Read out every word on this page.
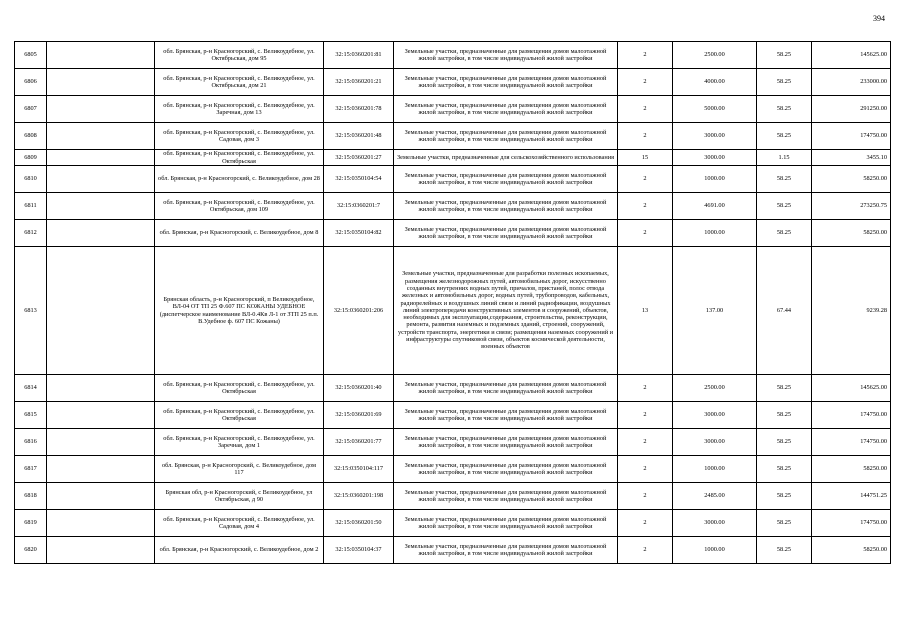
394
6805		обл. Брянская, р-н Красногорский, с. Великоудебное, ул. Октябрьская, дом 95	32:15:0360201:81	Земельные участки, предназначенные для размещения домов малоэтажной жилой застройки, в том числе индивидуальной жилой застройки	2	2500.00	58.25	145625.00
6806		обл. Брянская, р-н Красногорский, с. Великоудебное, ул. Октябрьская, дом 21	32:15:0360201:21	Земельные участки, предназначенные для размещения домов малоэтажной жилой застройки, в том числе индивидуальной жилой застройки	2	4000.00	58.25	233000.00
6807		обл. Брянская, р-н Красногорский, с. Великоудебное, ул. Заречная, дом 13	32:15:0360201:78	Земельные участки, предназначенные для размещения домов малоэтажной жилой застройки, в том числе индивидуальной жилой застройки	2	5000.00	58.25	291250.00
6808		обл. Брянская, р-н Красногорский, с. Великоудебное, ул. Садовая, дом 3	32:15:0360201:48	Земельные участки, предназначенные для размещения домов малоэтажной жилой застройки, в том числе индивидуальной жилой застройки	2	3000.00	58.25	174750.00
6809		обл. Брянская, р-н Красногорский, с. Великоудебное, ул. Октябрьская	32:15:0360201:27	Земельные участки, предназначенные для сельскохозяйственного использования	15	3000.00	1.15	3455.10
6810		обл. Брянская, р-н Красногорский, с. Великоудебное, дом 28	32:15:0350104:54	Земельные участки, предназначенные для размещения домов малоэтажной жилой застройки, в том числе индивидуальной жилой застройки	2	1000.00	58.25	58250.00
6811		обл. Брянская, р-н Красногорский, с. Великоудебное, ул. Октябрьская, дом 109	32:15:0360201:7	Земельные участки, предназначенные для размещения домов малоэтажной жилой застройки, в том числе индивидуальной жилой застройки	2	4691.00	58.25	273250.75
6812		обл. Брянская, р-н Красногорский, с. Великоудебное, дом 8	32:15:0350104:82	Земельные участки, предназначенные для размещения домов малоэтажной жилой застройки, в том числе индивидуальной жилой застройки	2	1000.00	58.25	58250.00
6813		Брянская область, р-н Красногорский, п Великоудебное, ВЛ-04 ОТ ТП 25 Ф.607 ПС КОЖАНЫ УДЕБНОЕ (диспетчерское наименование ВЛ-0.4Кв Л-1 от ЗТП 25 п.п. В.Удебное ф. 607 ПС Кожаны)	32:15:0360201:206	Земельные участки, предназначенные для разработки полезных ископаемых, размещения железнодорожных путей, автомобильных дорог, искусственно созданных внутренних водных путей, причалов, пристаней, полос отвода железных и автомобильных дорог, водных путей, трубопроводов, кабельных, радиорелейных и воздушных линий связи и линий радиофикации, воздушных линий электропередачи конструктивных элементов и сооружений, объектов, необходимых для эксплуатации,содержания, строительства, реконструкции, ремонта, развития наземных и подземных зданий, строений, сооружений, устройств транспорта, энергетики и связи; размещения наземных сооружений и инфраструктуры спутниковой связи, объектов космической деятельности, военных объектов	13	137.00	67.44	9239.28
6814		обл. Брянская, р-н Красногорский, с. Великоудебное, ул. Октябрьская	32:15:0360201:40	Земельные участки, предназначенные для размещения домов малоэтажной жилой застройки, в том числе индивидуальной жилой застройки	2	2500.00	58.25	145625.00
6815		обл. Брянская, р-н Красногорский, с. Великоудебное, ул. Октябрьская	32:15:0360201:69	Земельные участки, предназначенные для размещения домов малоэтажной жилой застройки, в том числе индивидуальной жилой застройки	2	3000.00	58.25	174750.00
6816		обл. Брянская, р-н Красногорский, с. Великоудебное, ул. Заречная, дом 1	32:15:0360201:77	Земельные участки, предназначенные для размещения домов малоэтажной жилой застройки, в том числе индивидуальной жилой застройки	2	3000.00	58.25	174750.00
6817		обл. Брянская, р-н Красногорский, с. Великоудебное, дом 117	32:15:0350104:117	Земельные участки, предназначенные для размещения домов малоэтажной жилой застройки, в том числе индивидуальной жилой застройки	2	1000.00	58.25	58250.00
6818		Брянская обл, р-н Красногорский, с Великоудебное, ул Октябрьская, д 90	32:15:0360201:198	Земельные участки, предназначенные для размещения домов малоэтажной жилой застройки, в том числе индивидуальной жилой застройки	2	2485.00	58.25	144751.25
6819		обл. Брянская, р-н Красногорский, с. Великоудебное, ул. Садовая, дом 4	32:15:0360201:50	Земельные участки, предназначенные для размещения домов малоэтажной жилой застройки, в том числе индивидуальной жилой застройки	2	3000.00	58.25	174750.00
6820		обл. Брянская, р-н Красногорский, с. Великоудебное, дом 2	32:15:0350104:37	Земельные участки, предназначенные для размещения домов малоэтажной жилой застройки, в том числе индивидуальной жилой застройки	2	1000.00	58.25	58250.00
